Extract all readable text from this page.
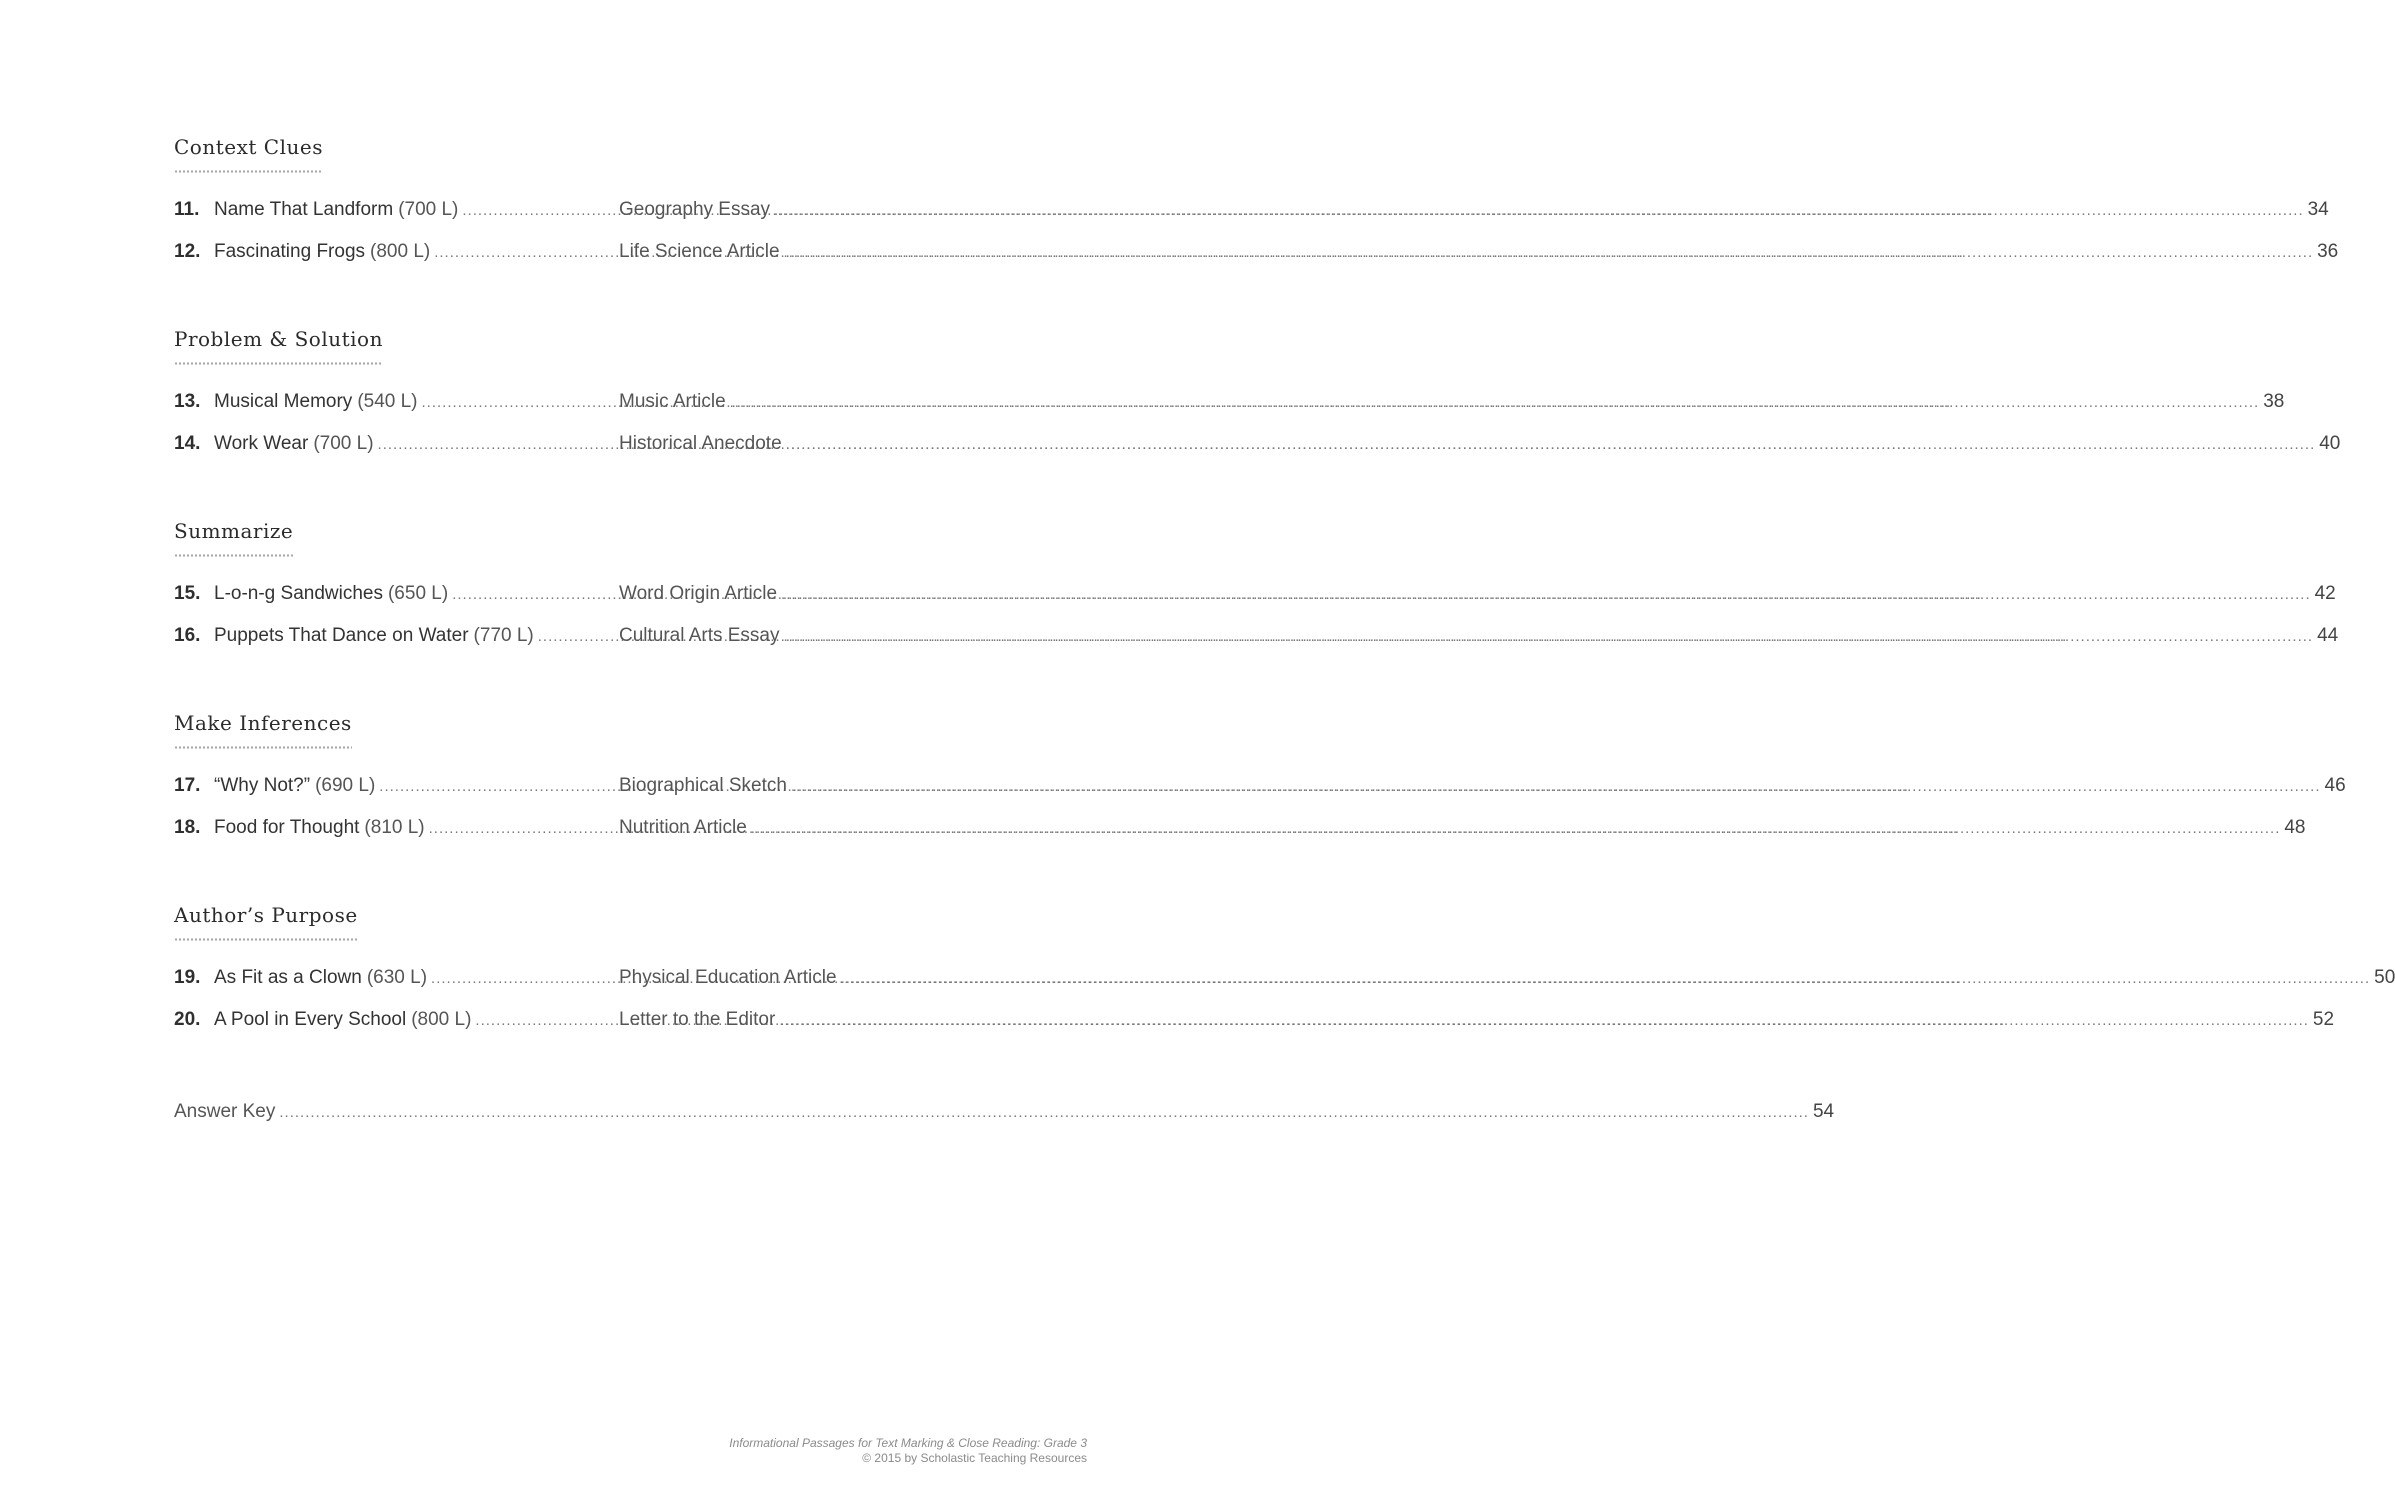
Context Clues
11. Name That Landform (700 L) .....	Geography Essay .....	34
12. Fascinating Frogs (800 L) .....	Life Science Article .....	36
Problem & Solution
13. Musical Memory (540 L) .....	Music Article .....	38
14. Work Wear (700 L) .....	Historical Anecdote .....	40
Summarize
15. L-o-n-g Sandwiches (650 L) .....	Word Origin Article .....	42
16. Puppets That Dance on Water (770 L) .....	Cultural Arts Essay .....	44
Make Inferences
17. “Why Not?” (690 L) .....	Biographical Sketch .....	46
18. Food for Thought (810 L) .....	Nutrition Article .....	48
Author’s Purpose
19. As Fit as a Clown (630 L) .....	Physical Education Article .....	50
20. A Pool in Every School (800 L) .....	Letter to the Editor .....	52
Answer Key .....	54
Informational Passages for Text Marking & Close Reading: Grade 3
© 2015 by Scholastic Teaching Resources
